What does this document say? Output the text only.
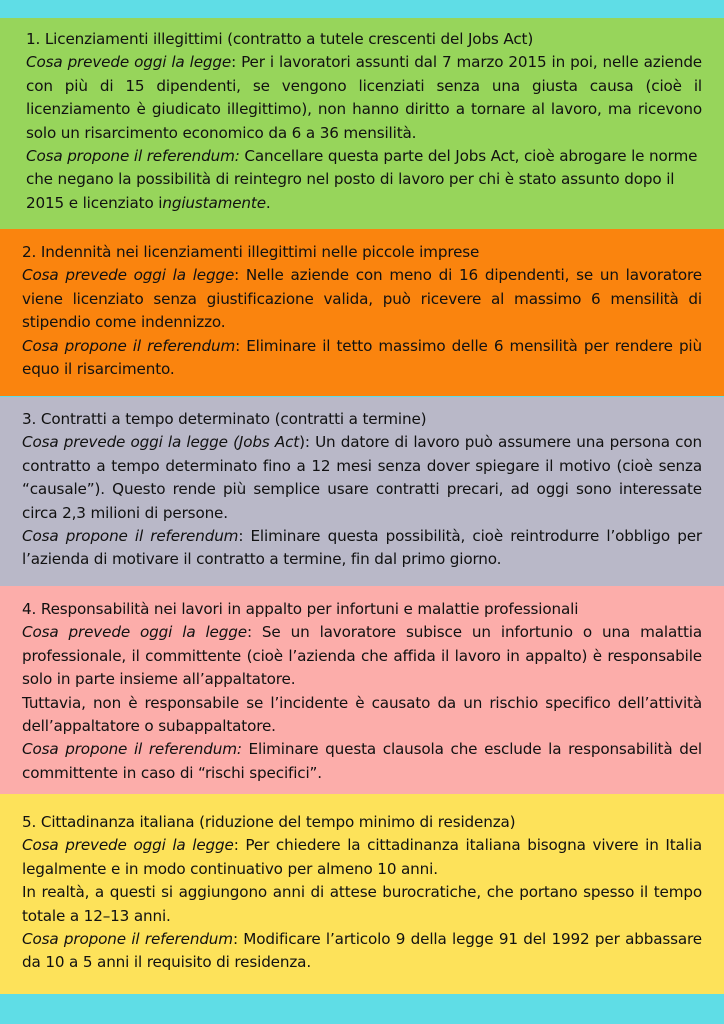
1. Licenziamenti illegittimi (contratto a tutele crescenti del Jobs Act)

Cosa prevede oggi la legge: Per i lavoratori assunti dal 7 marzo 2015 in poi, nelle aziende con più di 15 dipendenti, se vengono licenziati senza una giusta causa (cioè il licenziamento è giudicato illegittimo), non hanno diritto a tornare al lavoro, ma ricevono solo un risarcimento economico da 6 a 36 mensilità.

Cosa propone il referendum: Cancellare questa parte del Jobs Act, cioè abrogare le norme che negano la possibilità di reintegro nel posto di lavoro per chi è stato assunto dopo il 2015 e licenziato ingiustamente.

2. Indennità nei licenziamenti illegittimi nelle piccole imprese

Cosa prevede oggi la legge: Nelle aziende con meno di 16 dipendenti, se un lavoratore viene licenziato senza giustificazione valida, può ricevere al massimo 6 mensilità di stipendio come indennizzo.

Cosa propone il referendum: Eliminare il tetto massimo delle 6 mensilità per rendere più equo il risarcimento.

3. Contratti a tempo determinato (contratti a termine)

Cosa prevede oggi la legge (Jobs Act): Un datore di lavoro può assumere una persona con contratto a tempo determinato fino a 12 mesi senza dover spiegare il motivo (cioè senza “causale”). Questo rende più semplice usare contratti precari, ad oggi sono interessate circa 2,3 milioni di persone.

Cosa propone il referendum: Eliminare questa possibilità, cioè reintrodurre l’obbligo per l’azienda di motivare il contratto a termine, fin dal primo giorno.

4. Responsabilità nei lavori in appalto per infortuni e malattie professionali

Cosa prevede oggi la legge: Se un lavoratore subisce un infortunio o una malattia professionale, il committente (cioè l’azienda che affida il lavoro in appalto) è responsabile solo in parte insieme all’appaltatore.

Tuttavia, non è responsabile se l’incidente è causato da un rischio specifico dell’attività dell’appaltatore o subappaltatore.

Cosa propone il referendum: Eliminare questa clausola che esclude la responsabilità del committente in caso di “rischi specifici”.

5. Cittadinanza italiana (riduzione del tempo minimo di residenza)

Cosa prevede oggi la legge: Per chiedere la cittadinanza italiana bisogna vivere in Italia legalmente e in modo continuativo per almeno 10 anni.

In realtà, a questi si aggiungono anni di attese burocratiche, che portano spesso il tempo totale a 12–13 anni.

Cosa propone il referendum: Modificare l’articolo 9 della legge 91 del 1992 per abbassare da 10 a 5 anni il requisito di residenza.
